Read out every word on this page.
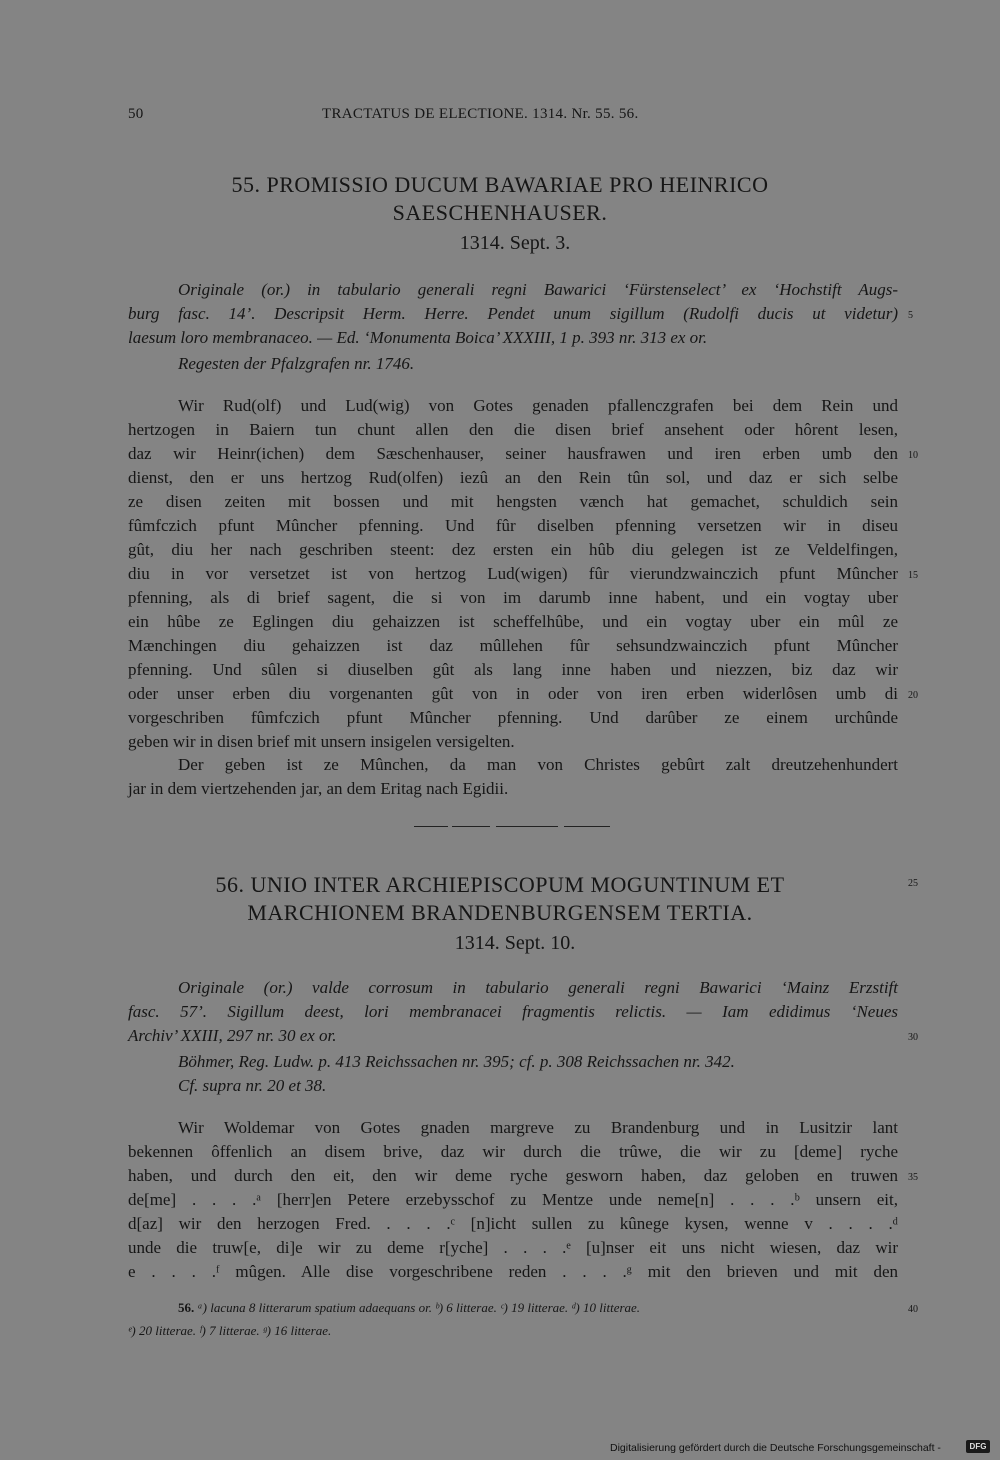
50	TRACTATUS DE ELECTIONE. 1314. Nr. 55. 56.
55. PROMISSIO DUCUM BAWARIAE PRO HEINRICO
SAESCHENHAUSER.
1314. Sept. 3.
Originale (or.) in tabulario generali regni Bawarici ‘Fürstenselect’ ex ‘Hochstift Augs-
burg fasc. 14’. Descripsit Herm. Herre. Pendet unum sigillum (Rudolfi ducis ut videtur)
laesum loro membranaceo. — Ed. ‘Monumenta Boica’ XXXIII, 1 p. 393 nr. 313 ex or.
Regesten der Pfalzgrafen nr. 1746.
Wir Rud(olf) und Lud(wig) von Gotes genaden pfallenczgrafen bei dem Rein und
hertzogen in Baiern tun chunt allen den die disen brief ansehent oder hôrent lesen,
daz wir Heinr(ichen) dem Sæschenhauser, seiner hausfrawen und iren erben umb den
dienst, den er uns hertzog Rud(olfen) iezû an den Rein tûn sol, und daz er sich selbe
ze disen zeiten mit bossen und mit hengsten vænch hat gemachet, schuldich sein
fûmfczich pfunt Mûncher pfenning. Und fûr diselben pfenning versetzen wir in diseu
gût, diu her nach geschriben steent: dez ersten ein hûb diu gelegen ist ze Veldelfingen,
diu in vor versetzet ist von hertzog Lud(wigen) fûr vierundzwainczich pfunt Mûncher
pfenning, als di brief sagent, die si von im darumb inne habent, und ein vogtay uber
ein hûbe ze Eglingen diu gehaizzen ist scheffelhûbe, und ein vogtay uber ein mûl ze
Mænchingen diu gehaizzen ist daz mûllehen fûr sehsundzwainczich pfunt Mûncher
pfenning. Und sûlen si diuselben gût als lang inne haben und niezzen, biz daz wir
oder unser erben diu vorgenanten gût von in oder von iren erben widerlôsen umb di
vorgeschriben fûmfczich pfunt Mûncher pfenning. Und darûber ze einem urchûnde
geben wir in disen brief mit unsern insigelen versigelten.
Der geben ist ze Mûnchen, da man von Christes gebûrt zalt dreutzehenhundert
jar in dem viertzehenden jar, an dem Eritag nach Egidii.
56. UNIO INTER ARCHIEPISCOPUM MOGUNTINUM ET
MARCHIONEM BRANDENBURGENSEM TERTIA.
1314. Sept. 10.
Originale (or.) valde corrosum in tabulario generali regni Bawarici ‘Mainz Erzstift
fasc. 57’. Sigillum deest, lori membranacei fragmentis relictis. — Iam edidimus ‘Neues
Archiv’ XXIII, 297 nr. 30 ex or.
Böhmer, Reg. Ludw. p. 413 Reichssachen nr. 395; cf. p. 308 Reichssachen nr. 342.
Cf. supra nr. 20 et 38.
Wir Woldemar von Gotes gnaden margreve zu Brandenburg und in Lusitzir lant
bekennen ôffenlich an disem brive, daz wir durch die trûwe, die wir zu [deme] ryche
haben, und durch den eit, den wir deme ryche gesworn haben, daz geloben en truwen
de[me] . . . .ᵃ [herr]en Petere erzebysschof zu Mentze unde neme[n] . . . .ᵇ unsern eit,
d[az] wir den herzogen Fred. . . . .ᶜ [n]icht sullen zu kûnege kysen, wenne v . . . .ᵈ
unde die truw[e, di]e wir zu deme r[yche] . . . .ᵉ [u]nser eit uns nicht wiesen, daz wir
e . . . .ᶠ mûgen. Alle dise vorgeschribene reden . . . .ᵍ mit den brieven und mit den
5
10
15
20
25
30
35
40
56. ᵃ) lacuna 8 litterarum spatium adaequans or. ᵇ) 6 litterae. ᶜ) 19 litterae. ᵈ) 10 litterae.
ᵉ) 20 litterae. ᶠ) 7 litterae. ᵍ) 16 litterae.
Digitalisierung gefördert durch die Deutsche Forschungsgemeinschaft -	DFG
